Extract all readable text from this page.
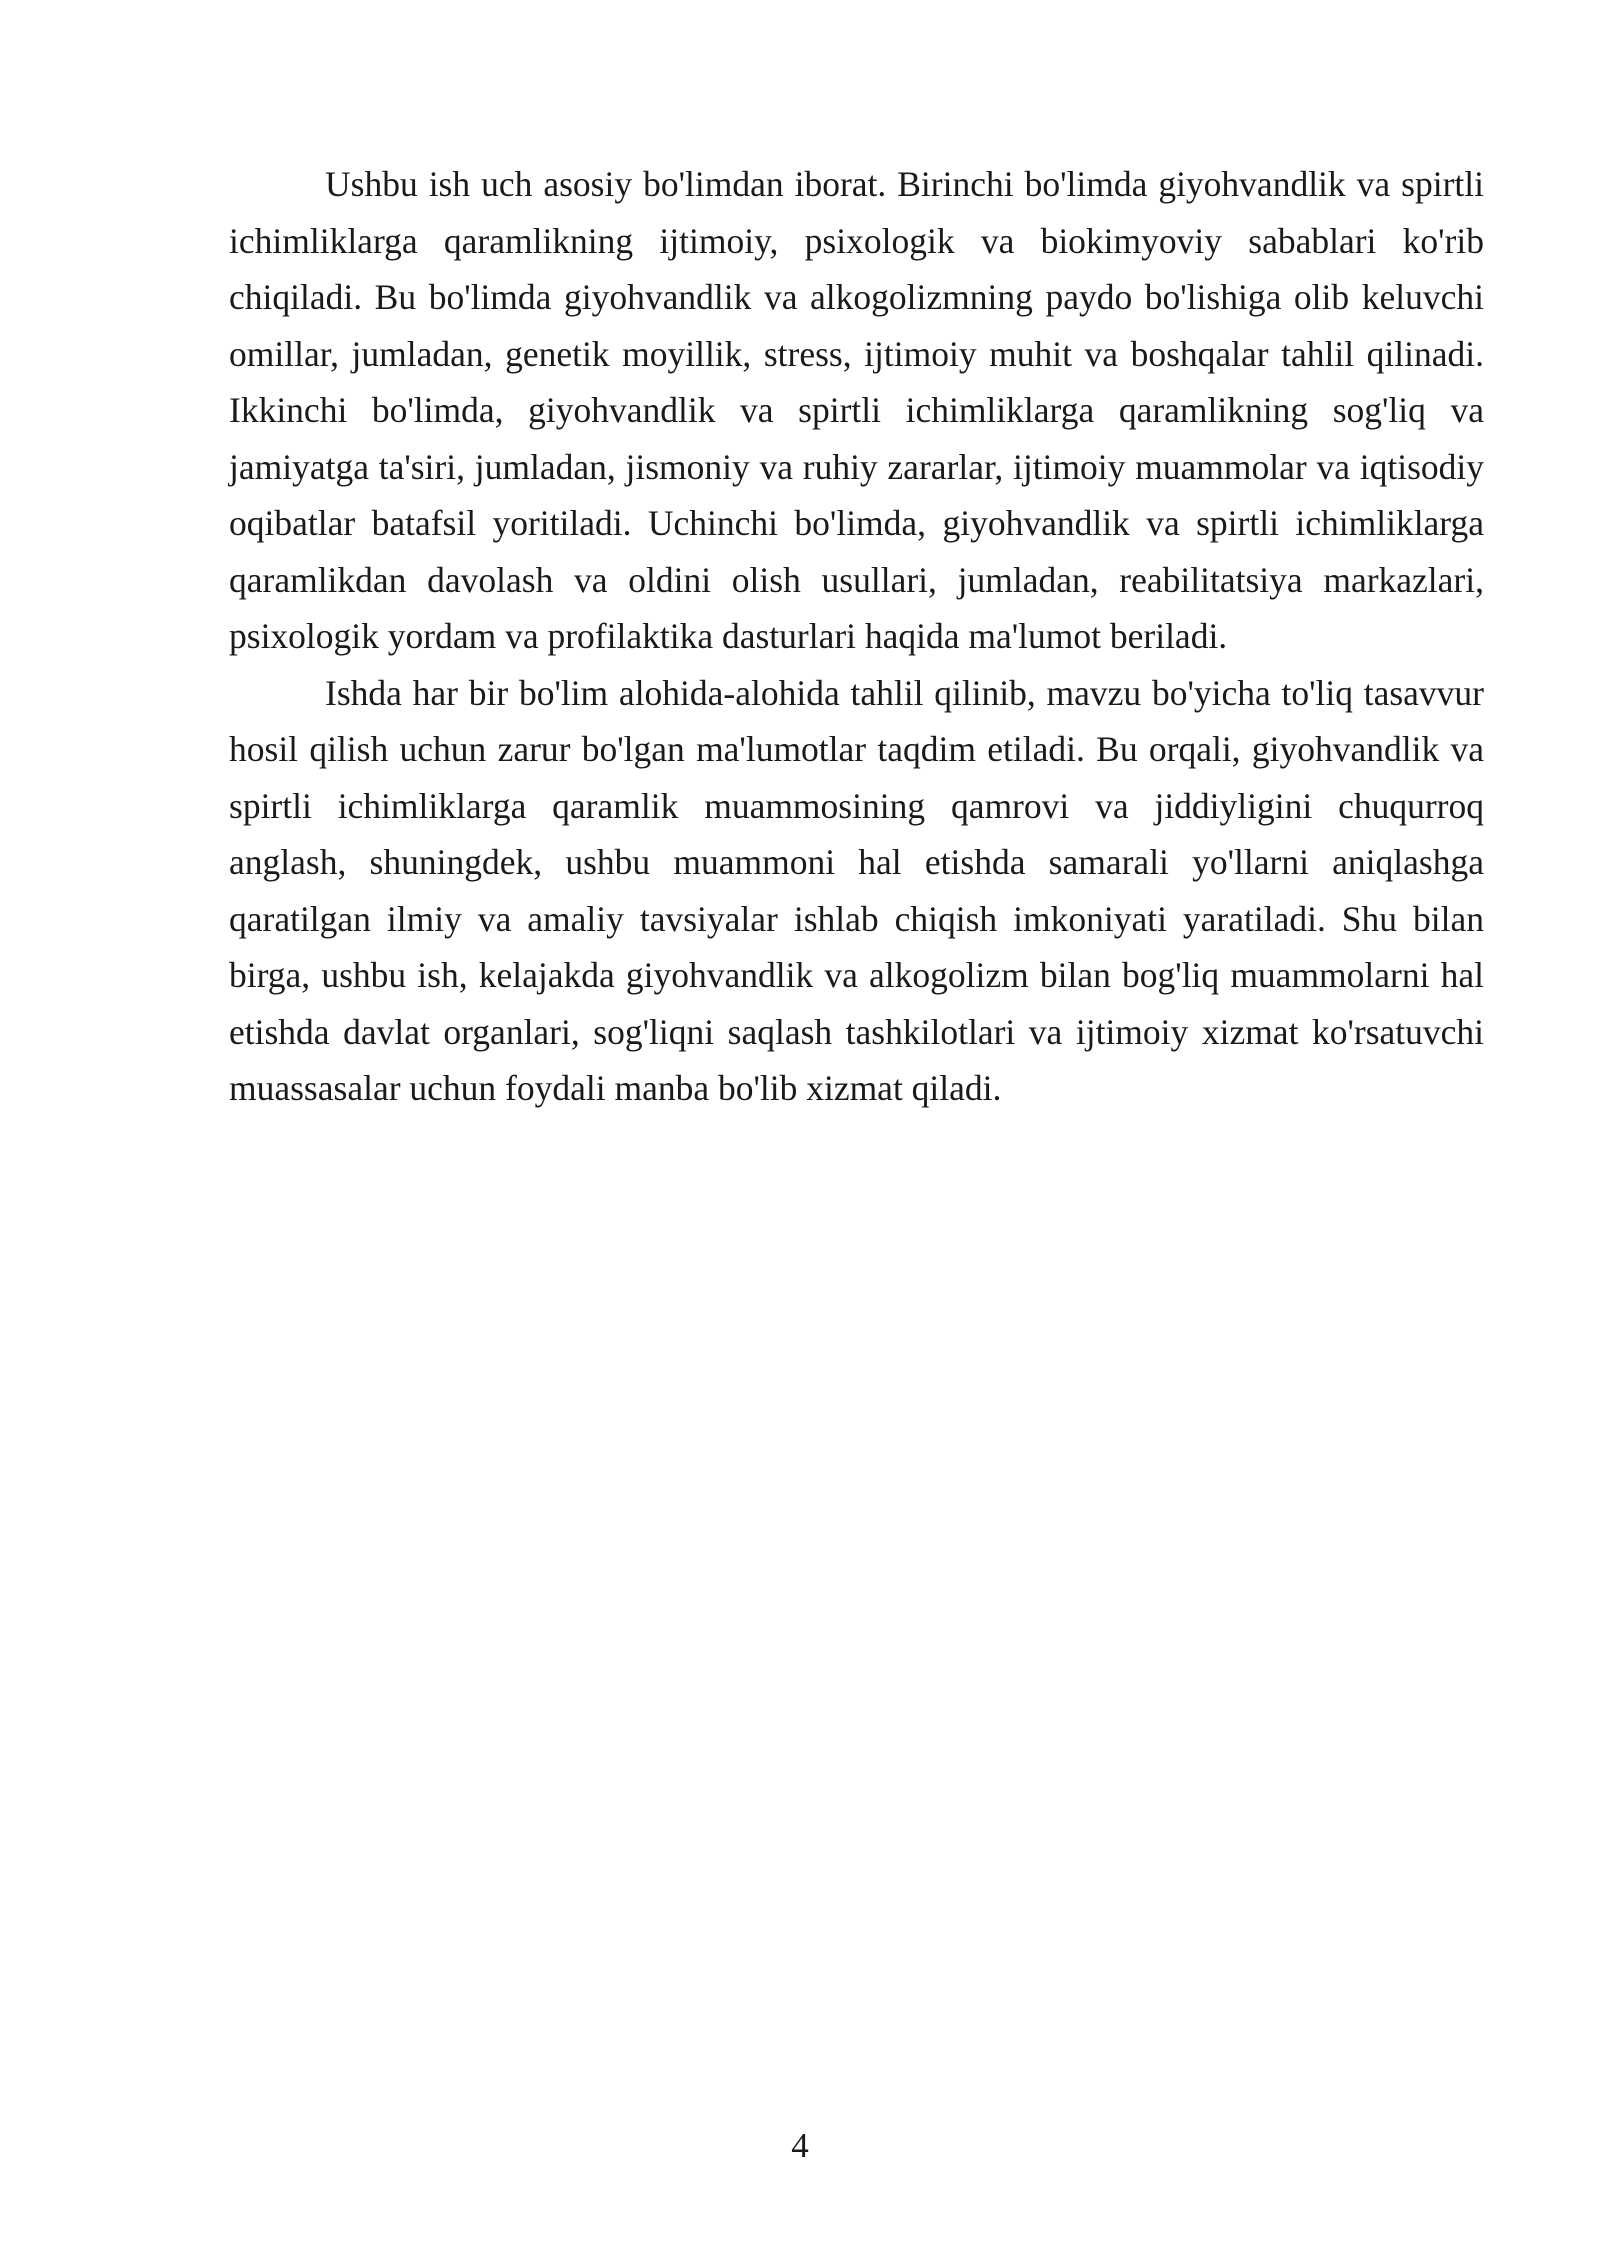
Ushbu ish uch asosiy bo'limdan iborat. Birinchi bo'limda giyohvandlik va spirtli ichimliklarga qaramlikning ijtimoiy, psixologik va biokimyoviy sabablari ko'rib chiqiladi. Bu bo'limda giyohvandlik va alkogolizmning paydo bo'lishiga olib keluvchi omillar, jumladan, genetik moyillik, stress, ijtimoiy muhit va boshqalar tahlil qilinadi. Ikkinchi bo'limda, giyohvandlik va spirtli ichimliklarga qaramlikning sog'liq va jamiyatga ta'siri, jumladan, jismoniy va ruhiy zararlar, ijtimoiy muammolar va iqtisodiy oqibatlar batafsil yoritiladi. Uchinchi bo'limda, giyohvandlik va spirtli ichimliklarga qaramlikdan davolash va oldini olish usullari, jumladan, reabilitatsiya markazlari, psixologik yordam va profilaktika dasturlari haqida ma'lumot beriladi.

Ishda har bir bo'lim alohida-alohida tahlil qilinib, mavzu bo'yicha to'liq tasavvur hosil qilish uchun zarur bo'lgan ma'lumotlar taqdim etiladi. Bu orqali, giyohvandlik va spirtli ichimliklarga qaramlik muammosining qamrovi va jiddiyligini chuqurroq anglash, shuningdek, ushbu muammoni hal etishda samarali yo'llarni aniqlashga qaratilgan ilmiy va amaliy tavsiyalar ishlab chiqish imkoniyati yaratiladi. Shu bilan birga, ushbu ish, kelajakda giyohvandlik va alkogolizm bilan bog'liq muammolarni hal etishda davlat organlari, sog'liqni saqlash tashkilotlari va ijtimoiy xizmat ko'rsatuvchi muassasalar uchun foydali manba bo'lib xizmat qiladi.

4
